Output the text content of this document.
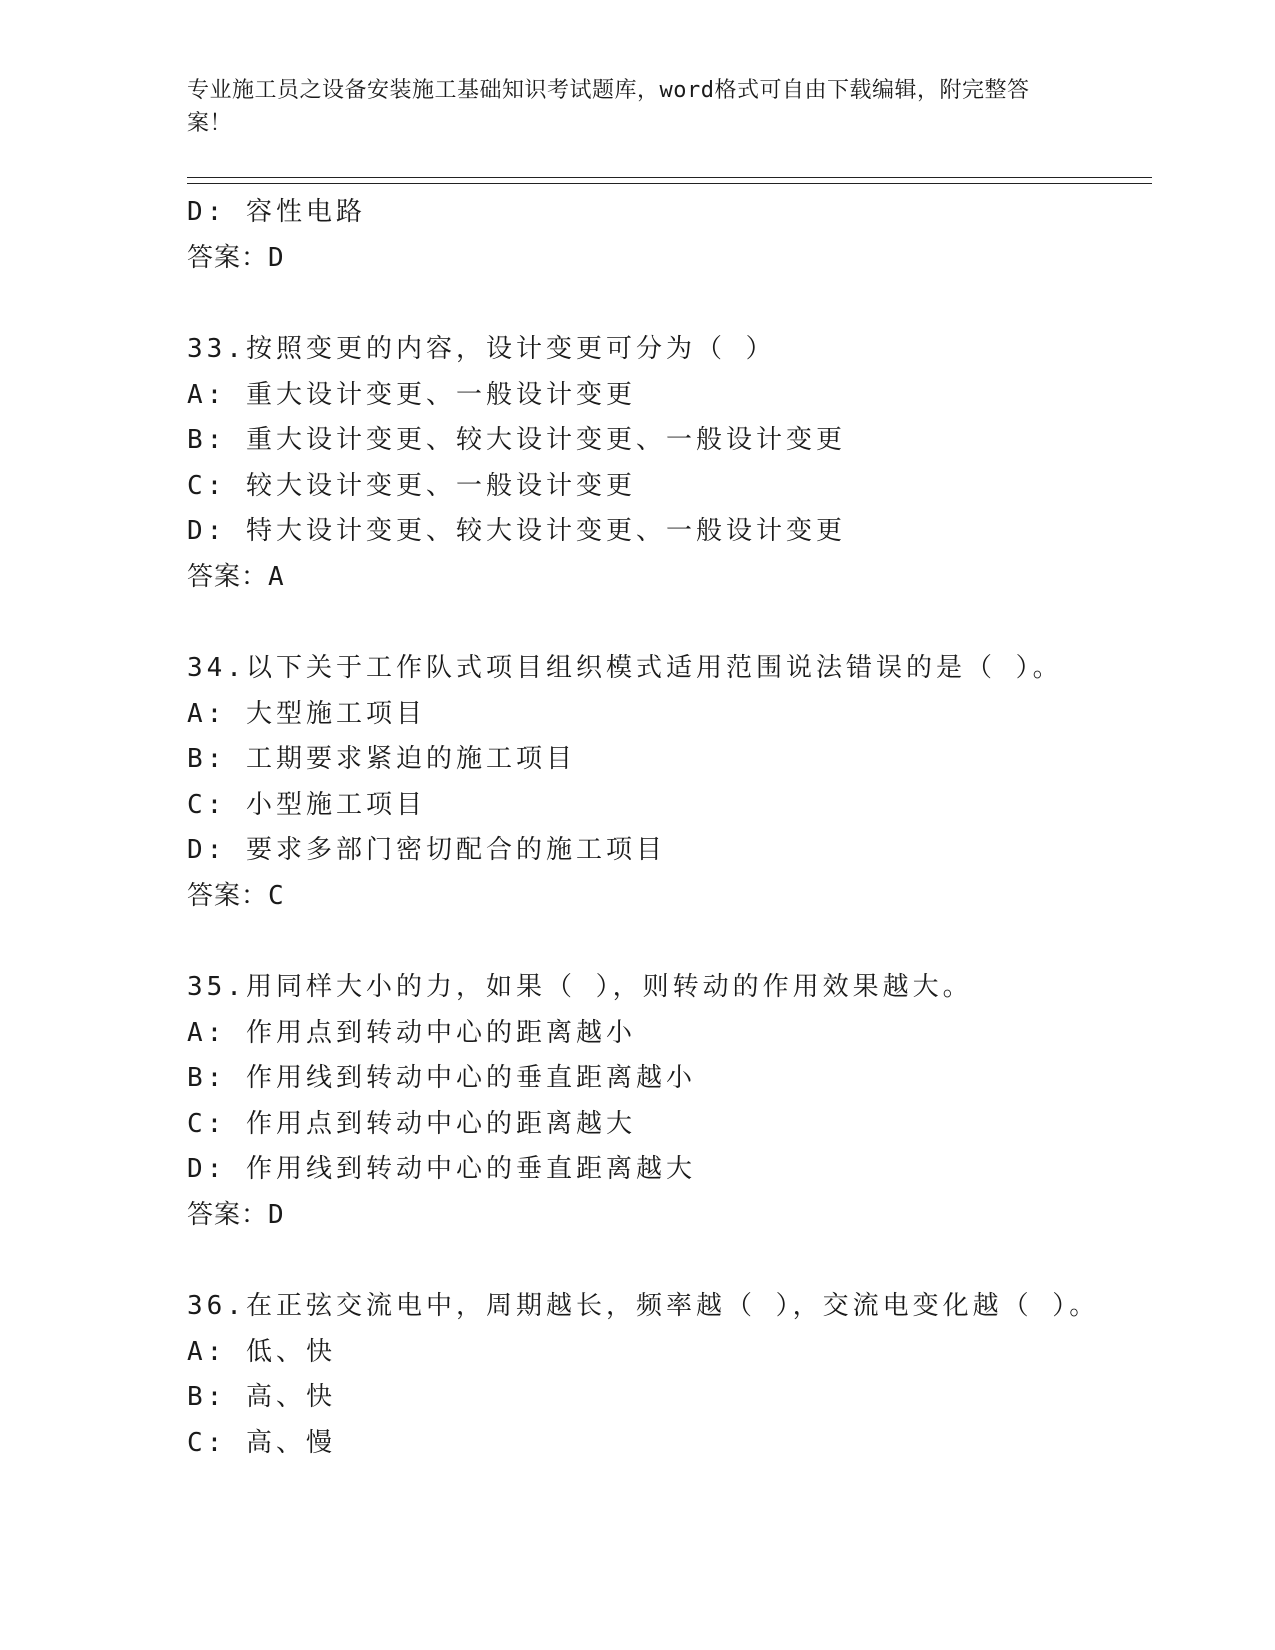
专业施工员之设备安装施工基础知识考试题库，word格式可自由下载编辑，附完整答案！
D: 容性电路
答案：D
33.按照变更的内容，设计变更可分为（ ）
A: 重大设计变更、一般设计变更
B: 重大设计变更、较大设计变更、一般设计变更
C: 较大设计变更、一般设计变更
D: 特大设计变更、较大设计变更、一般设计变更
答案：A
34.以下关于工作队式项目组织模式适用范围说法错误的是（ ）。
A: 大型施工项目
B: 工期要求紧迫的施工项目
C: 小型施工项目
D: 要求多部门密切配合的施工项目
答案：C
35.用同样大小的力，如果（ ），则转动的作用效果越大。
A: 作用点到转动中心的距离越小
B: 作用线到转动中心的垂直距离越小
C: 作用点到转动中心的距离越大
D: 作用线到转动中心的垂直距离越大
答案：D
36.在正弦交流电中，周期越长，频率越（ ），交流电变化越（ ）。
A: 低、快
B: 高、快
C: 高、慢
